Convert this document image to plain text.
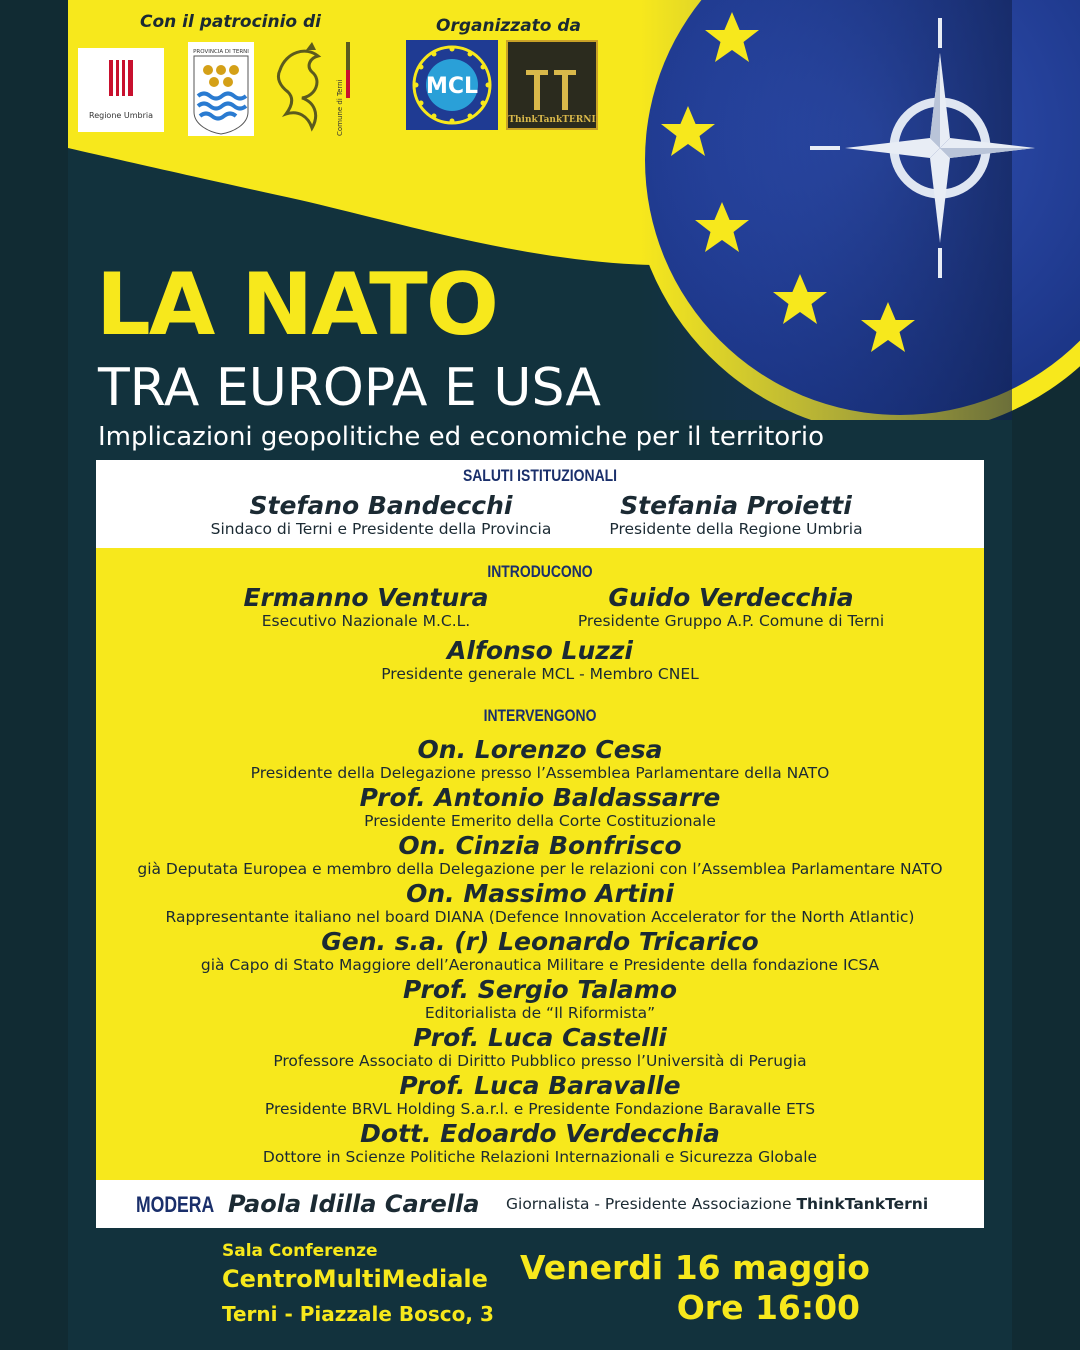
Con il patrocinio di	Organizzato da
Regione Umbria
PROVINCIA DI TERNI
Comune di Terni	MCL
ThinkTankTERNI
LA NATO
TRA EUROPA E USA
Implicazioni geopolitiche ed economiche per il territorio
SALUTI ISTITUZIONALI
Stefano Bandecchi
Sindaco di Terni e Presidente della Provincia
Stefania Proietti
Presidente della Regione Umbria
INTRODUCONO
Ermanno Ventura
Esecutivo Nazionale M.C.L.
Guido Verdecchia
Presidente Gruppo A.P. Comune di Terni
Alfonso Luzzi
Presidente generale MCL - Membro CNEL
INTERVENGONO
On. Lorenzo Cesa
Presidente della Delegazione presso l’Assemblea Parlamentare della NATO
Prof. Antonio Baldassarre
Presidente Emerito della Corte Costituzionale
On. Cinzia Bonfrisco
già Deputata Europea e membro della Delegazione per le relazioni con l’Assemblea Parlamentare NATO
On. Massimo Artini
Rappresentante italiano nel board DIANA (Defence Innovation Accelerator for the North Atlantic)
Gen. s.a. (r) Leonardo Tricarico
già Capo di Stato Maggiore dell’Aeronautica Militare e Presidente della fondazione ICSA
Prof. Sergio Talamo
Editorialista de “Il Riformista”
Prof. Luca Castelli
Professore Associato di Diritto Pubblico presso l’Università di Perugia
Prof. Luca Baravalle
Presidente BRVL Holding S.a.r.l. e Presidente Fondazione Baravalle ETS
Dott. Edoardo Verdecchia
Dottore in Scienze Politiche Relazioni Internazionali e Sicurezza Globale
MODERA Paola Idilla Carella Giornalista - Presidente Associazione ThinkTankTerni
Sala Conferenze
CentroMultiMediale
Terni - Piazzale Bosco, 3
Venerdi 16 maggio
Ore 16:00
